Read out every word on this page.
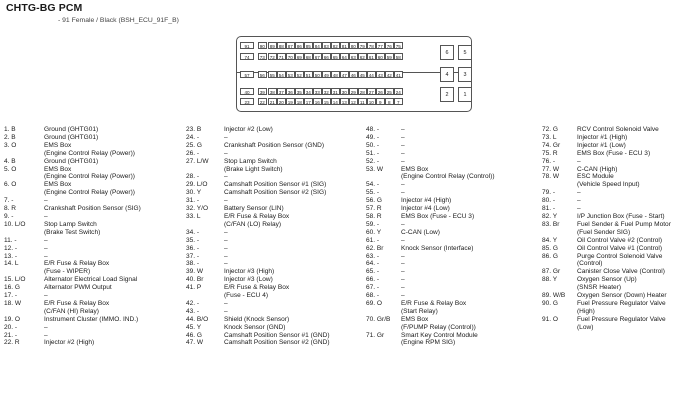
CHTG-BG PCM
- 91 Female / Black (BSH_ECU_91F_B)
91	90	89 88 87 86 85 84 83 82 81 80 79 78 77 76 75
74	73	72 71 70 69 68 67 66 65 64 63 62 61 60 59 58
57	56	55 54 53 52 51 50 49 48 47 46 45 44 43 42 41
40	39	38 37 36 35 34 33 32 31 30 29 28 27 26 25 24
23	22	21 20 19 18 17 16 15 14 13 12 11 10	9	8	7
6	5
4	3
2	1
1. B	Ground (GHTG01)
2. B	Ground (GHTG01)
3. O	EMS Box
(Engine Control Relay (Power))
4. B	Ground (GHTG01)
5. O	EMS Box
(Engine Control Relay (Power))
6. O	EMS Box
(Engine Control Relay (Power))
7. -	–
8. R	Crankshaft Position Sensor (SIG)
9. -	–
10. L/O	Stop Lamp Switch
(Brake Test Switch)
11. -	–
12. -	–
13. -	–
14. L	E/R Fuse & Relay Box
(Fuse - WIPER)
15. L/O	Alternator Electrical Load Signal
16. G	Alternator PWM Output
17. -	–
18. W	E/R Fuse & Relay Box
(C/FAN (HI) Relay)
19. O	Instrument Cluster (IMMO. IND.)
20. -	–
21. -	–
22. R	Injector #2 (High)
23. B	Injector #2 (Low)
24. -	–
25. G	Crankshaft Position Sensor (GND)
26. -	–
27. L/W	Stop Lamp Switch
(Brake Light Switch)
28. -	–
29. L/O	Camshaft Position Sensor #1 (SIG)
30. Y	Camshaft Position Sensor #2 (SIG)
31. -	–
32. Y/O	Battery Sensor (LIN)
33. L	E/R Fuse & Relay Box
(C/FAN (LO) Relay)
34. -	–
35. -	–
36. -	–
37. -	–
38. -	–
39. W	Injector #3 (High)
40. Br	Injector #3 (Low)
41. P	E/R Fuse & Relay Box
(Fuse - ECU 4)
42. -	–
43. -	–
44. B/O	Shield (Knock Sensor)
45. Y	Knock Sensor (GND)
46. G	Camshaft Position Sensor #1 (GND)
47. W	Camshaft Position Sensor #2 (GND)
48. -	–
49. -	–
50. -	–
51. -	–
52. -	–
53. W	EMS Box
(Engine Control Relay (Control))
54. -	–
55. -	–
56. G	Injector #4 (High)
57. R	Injector #4 (Low)
58. R	EMS Box (Fuse - ECU 3)
59. -	–
60. Y	C-CAN (Low)
61. -	–
62. Br	Knock Sensor (Interface)
63. -	–
64. -	–
65. -	–
66. -	–
67. -	–
68. -	–
69. O	E/R Fuse & Relay Box
(Start Relay)
70. Gr/B	EMS Box
(F/PUMP Relay (Control))
71. Gr	Smart Key Control Module
(Engine RPM SIG)
72. G	RCV Control Solenoid Valve
73. L	Injector #1 (High)
74. Gr	Injector #1 (Low)
75. R	EMS Box (Fuse - ECU 3)
76. -	–
77. W	C-CAN (High)
78. W	ESC Module
(Vehicle Speed Input)
79. -	–
80. -	–
81. -	–
82. Y	I/P Junction Box (Fuse - Start)
83. Br	Fuel Sender & Fuel Pump Motor
(Fuel Sender SIG)
84. Y	Oil Control Valve #2 (Control)
85. G	Oil Control Valve #1 (Control)
86. G	Purge Control Solenoid Valve
(Control)
87. Gr	Canister Close Valve (Control)
88. Y	Oxygen Sensor (Up)
(SNSR Heater)
89. W/B	Oxygen Sensor (Down) Heater
90. G	Fuel Pressure Regulator Valve
(High)
91. O	Fuel Pressure Regulator Valve
(Low)
